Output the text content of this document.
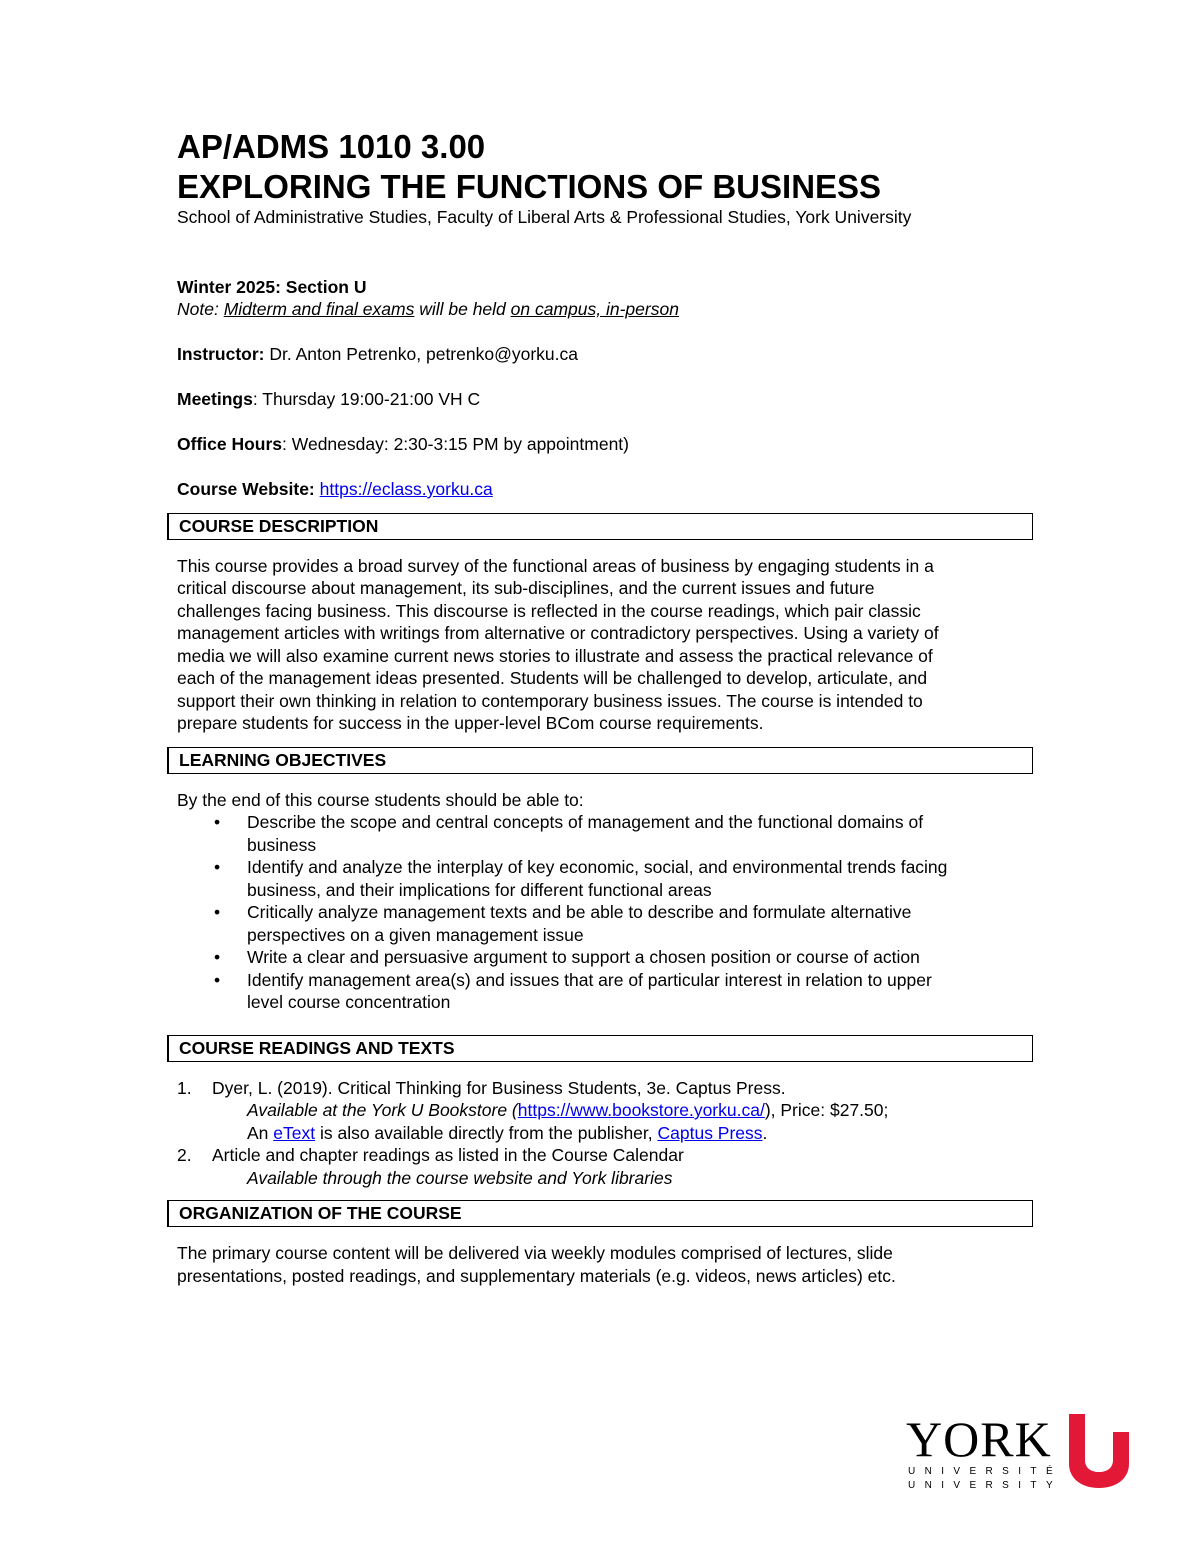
AP/ADMS 1010 3.00
EXPLORING THE FUNCTIONS OF BUSINESS

School of Administrative Studies, Faculty of Liberal Arts & Professional Studies, York University

Winter 2025: Section U
Note: Midterm and final exams will be held on campus, in-person
Instructor: Dr. Anton Petrenko, petrenko@yorku.ca
Meetings: Thursday 19:00-21:00 VH C
Office Hours: Wednesday: 2:30-3:15 PM by appointment)
Course Website: https://eclass.yorku.ca
COURSE DESCRIPTION

This course provides a broad survey of the functional areas of business by engaging students in a

critical discourse about management, its sub-disciplines, and the current issues and future

challenges facing business. This discourse is reflected in the course readings, which pair classic

management articles with writings from alternative or contradictory perspectives. Using a variety of

media we will also examine current news stories to illustrate and assess the practical relevance of

each of the management ideas presented. Students will be challenged to develop, articulate, and

support their own thinking in relation to contemporary business issues. The course is intended to

prepare students for success in the upper-level BCom course requirements.

LEARNING OBJECTIVES
By the end of this course students should be able to:
• Describe the scope and central concepts of management and the functional domains of
business
• Identify and analyze the interplay of key economic, social, and environmental trends facing
business, and their implications for different functional areas
• Critically analyze management texts and be able to describe and formulate alternative
perspectives on a given management issue
• Write a clear and persuasive argument to support a chosen position or course of action
• Identify management area(s) and issues that are of particular interest in relation to upper
level course concentration
COURSE READINGS AND TEXTS
1. Dyer, L. (2019). Critical Thinking for Business Students, 3e. Captus Press.
Available at the York U Bookstore (https://www.bookstore.yorku.ca/), Price: $27.50;
An eText is also available directly from the publisher, Captus Press.
2. Article and chapter readings as listed in the Course Calendar
Available through the course website and York libraries
ORGANIZATION OF THE COURSE

The primary course content will be delivered via weekly modules comprised of lectures, slide

presentations, posted readings, and supplementary materials (e.g. videos, news articles) etc.

YORK
UNIVERSITÉ
UNIVERSITY
